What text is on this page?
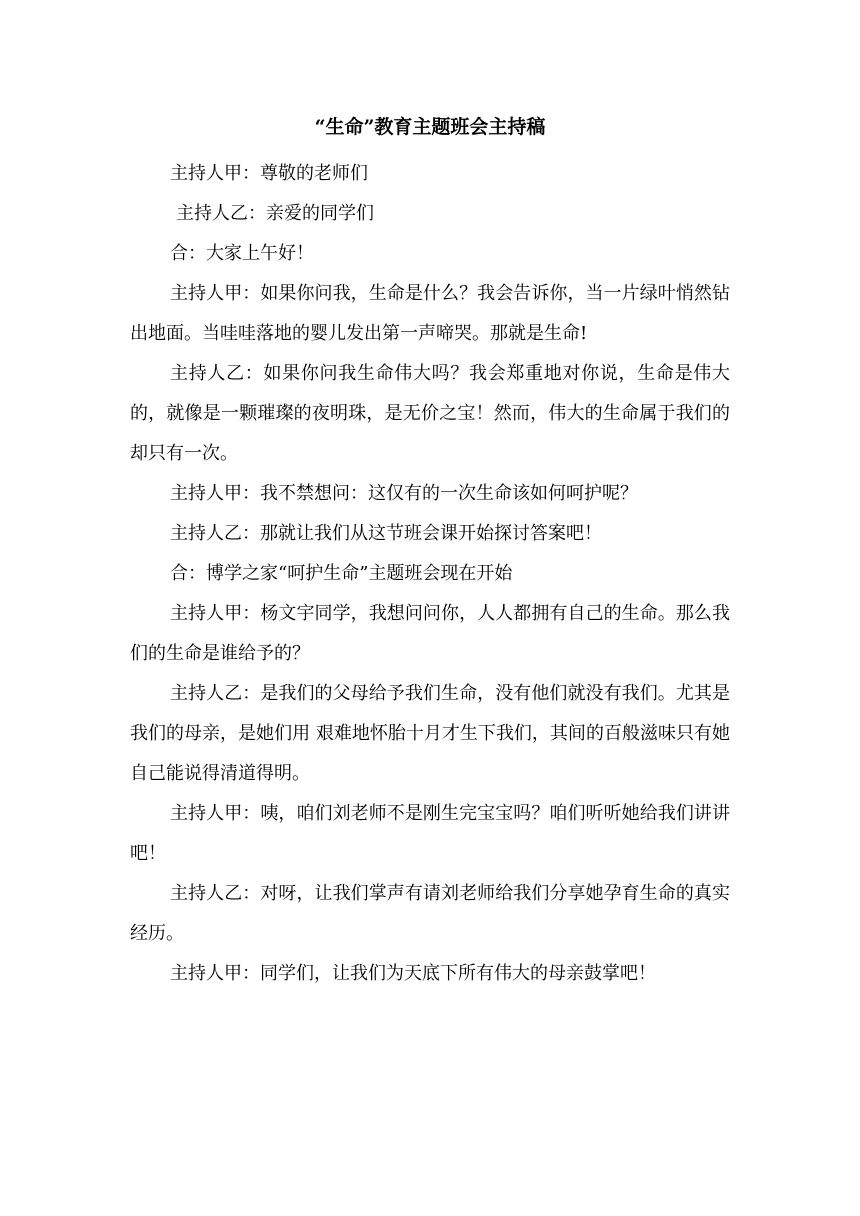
“生命”教育主题班会主持稿

主持人甲：尊敬的老师们

主持人乙：亲爱的同学们

合：大家上午好！

主持人甲：如果你问我，生命是什么？我会告诉你，当一片绿叶悄然钻出地面。当哇哇落地的婴儿发出第一声啼哭。那就是生命!

主持人乙：如果你问我生命伟大吗？我会郑重地对你说，生命是伟大的，就像是一颗璀璨的夜明珠，是无价之宝！然而，伟大的生命属于我们的却只有一次。

主持人甲：我不禁想问：这仅有的一次生命该如何呵护呢？

主持人乙：那就让我们从这节班会课开始探讨答案吧！

合：博学之家“呵护生命”主题班会现在开始

主持人甲：杨文宇同学，我想问问你，人人都拥有自己的生命。那么我们的生命是谁给予的？

主持人乙：是我们的父母给予我们生命，没有他们就没有我们。尤其是我们的母亲，是她们用 艰难地怀胎十月才生下我们，其间的百般滋味只有她自己能说得清道得明。

主持人甲：咦，咱们刘老师不是刚生完宝宝吗？咱们听听她给我们讲讲吧！

主持人乙：对呀，让我们掌声有请刘老师给我们分享她孕育生命的真实经历。

主持人甲：同学们，让我们为天底下所有伟大的母亲鼓掌吧！
